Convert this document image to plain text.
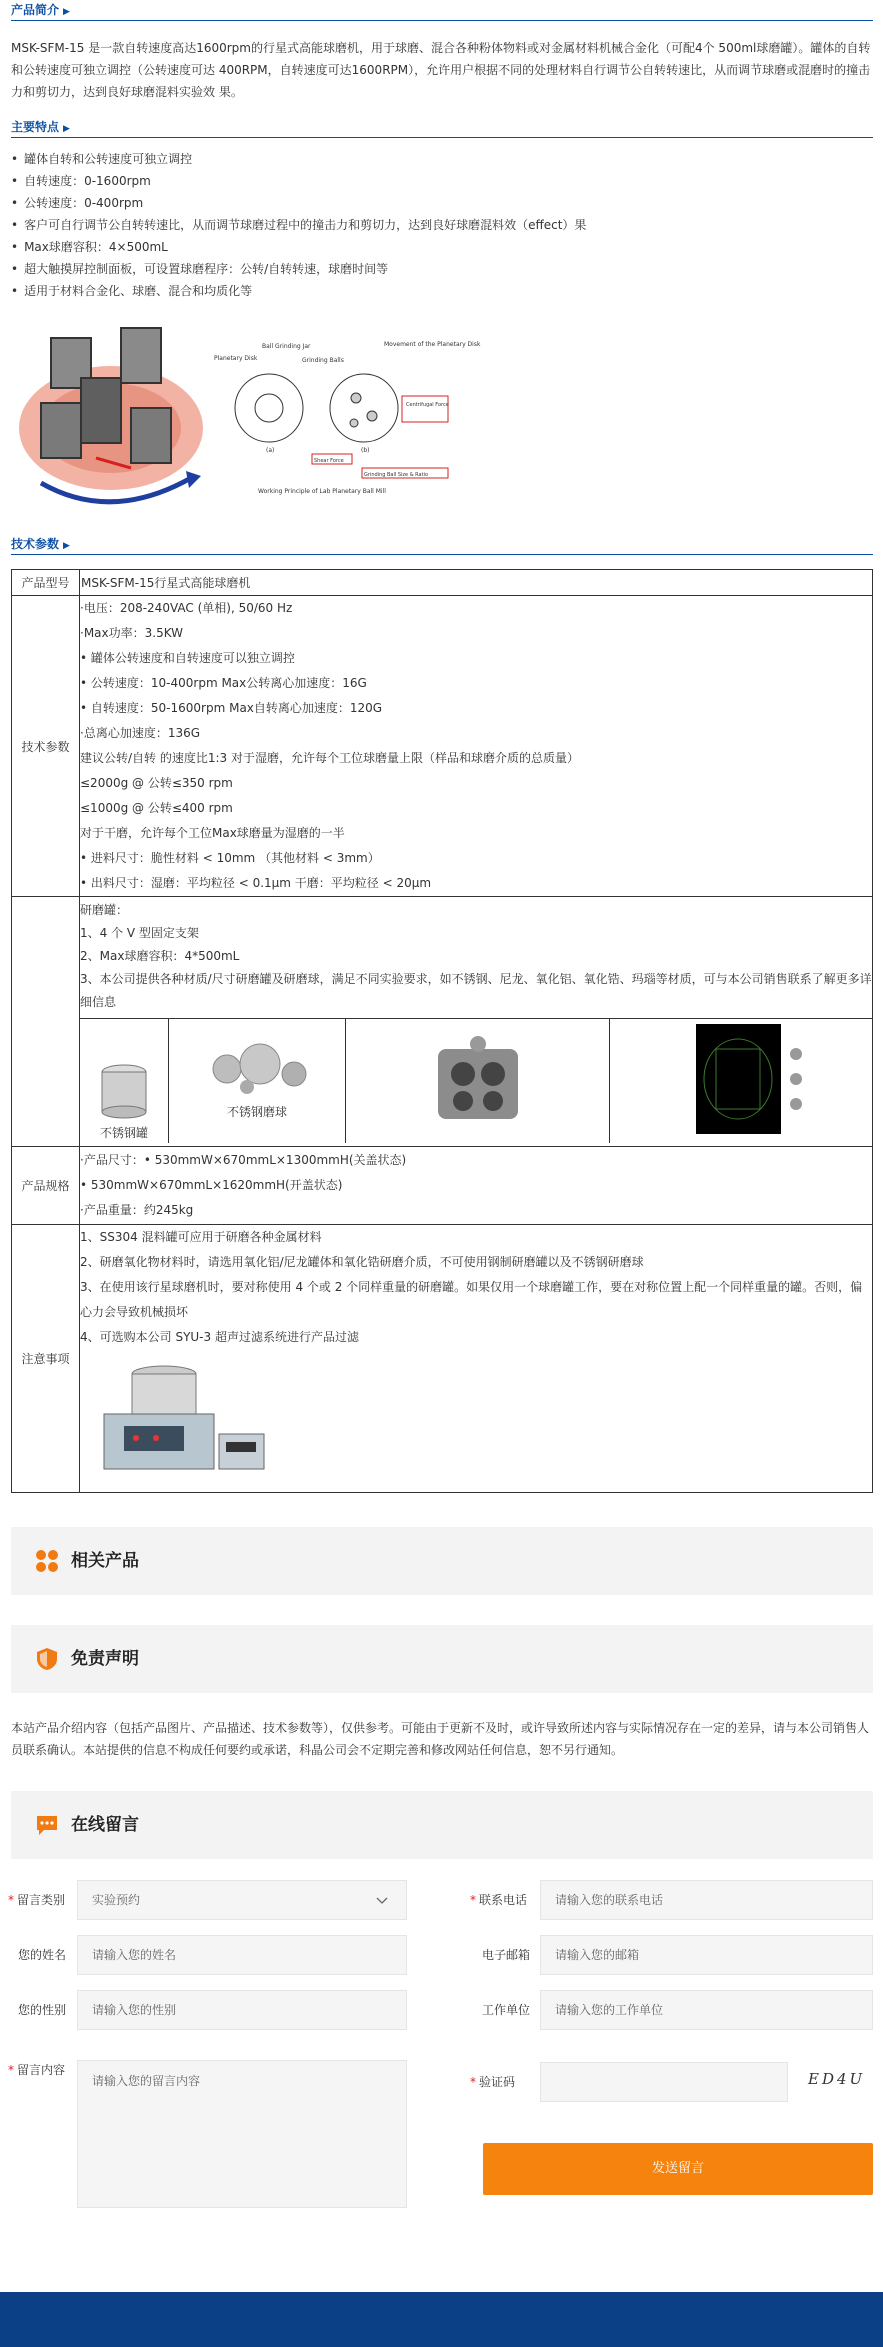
产品简介 ▶
MSK-SFM-15 是一款自转速度高达1600rpm的行星式高能球磨机，用于球磨、混合各种粉体物料或对金属材料机械合金化（可配4个 500ml球磨罐）。罐体的自转和公转速度可独立调控（公转速度可达 400RPM，自转速度可达1600RPM），允许用户根据不同的处理材料自行调节公自转转速比，从而调节球磨或混磨时的撞击力和剪切力，达到良好球磨混料实验效 果。
主要特点 ▶
• 罐体自转和公转速度可独立调控
• 自转速度：0-1600rpm
• 公转速度：0-400rpm
• 客户可自行调节公自转转速比，从而调节球磨过程中的撞击力和剪切力，达到良好球磨混料效（effect）果
• Max球磨容积：4×500mL
• 超大触摸屏控制面板，可设置球磨程序：公转/自转转速，球磨时间等
• 适用于材料合金化、球磨、混合和均质化等
Ball Grinding Jar
Planetary Disk	Grinding Balls
Movement of the Planetary Disk
Centrifugal Force
(a)	(b)
Shear Force
Grinding Ball Size & Ratio
Working Principle of Lab Planetary Ball Mill
技术参数 ▶
产品型号	MSK-SFM-15行星式高能球磨机
技术参数	
·电压：208-240VAC (单相), 50/60 Hz
·Max功率：3.5KW
• 罐体公转速度和自转速度可以独立调控
• 公转速度：10-400rpm Max公转离心加速度：16G
• 自转速度：50-1600rpm Max自转离心加速度：120G
·总离心加速度：136G
建议公转/自转 的速度比1:3 对于湿磨，允许每个工位球磨量上限（样品和球磨介质的总质量）
≤2000g @ 公转≤350 rpm
≤1000g @ 公转≤400 rpm
对于干磨，允许每个工位Max球磨量为湿磨的一半
• 进料尺寸：脆性材料 < 10mm （其他材料 < 3mm）
• 出料尺寸：湿磨：平均粒径 < 0.1μm 干磨：平均粒径 < 20μm

研磨罐：
1、4 个 V 型固定支架
2、Max球磨容积：4*500mL
3、本公司提供各种材质/尺寸研磨罐及研磨球，满足不同实验要求，如不锈钢、尼龙、氧化铝、氧化锆、玛瑙等材质，可与本公司销售联系了解更多详细信息
不锈钢罐

不锈钢磨球

产品规格	
·产品尺寸：• 530mmW×670mmL×1300mmH(关盖状态)
• 530mmW×670mmL×1620mmH(开盖状态)
·产品重量：约245kg

注意事项	
1、SS304 混料罐可应用于研磨各种金属材料
2、研磨氧化物材料时，请选用氧化铝/尼龙罐体和氧化锆研磨介质，不可使用钢制研磨罐以及不锈钢研磨球
3、在使用该行星球磨机时，要对称使用 4 个或 2 个同样重量的研磨罐。如果仅用一个球磨罐工作，要在对称位置上配一个同样重量的罐。否则，偏心力会导致机械损坏
4、可选购本公司 SYU-3 超声过滤系统进行产品过滤
相关产品
免责声明
本站产品介绍内容（包括产品图片、产品描述、技术参数等），仅供参考。可能由于更新不及时，或许导致所述内容与实际情况存在一定的差异，请与本公司销售人员联系确认。本站提供的信息不构成任何要约或承诺，科晶公司会不定期完善和修改网站任何信息，恕不另行通知。
在线留言
* 留言类别	实验预约	* 联系电话	请输入您的联系电话
您的姓名	请输入您的姓名	电子邮箱	请输入您的邮箱
您的性别	请输入您的性别	工作单位	请输入您的工作单位
* 留言内容
请输入您的留言内容	* 验证码	ED4U
发送留言
